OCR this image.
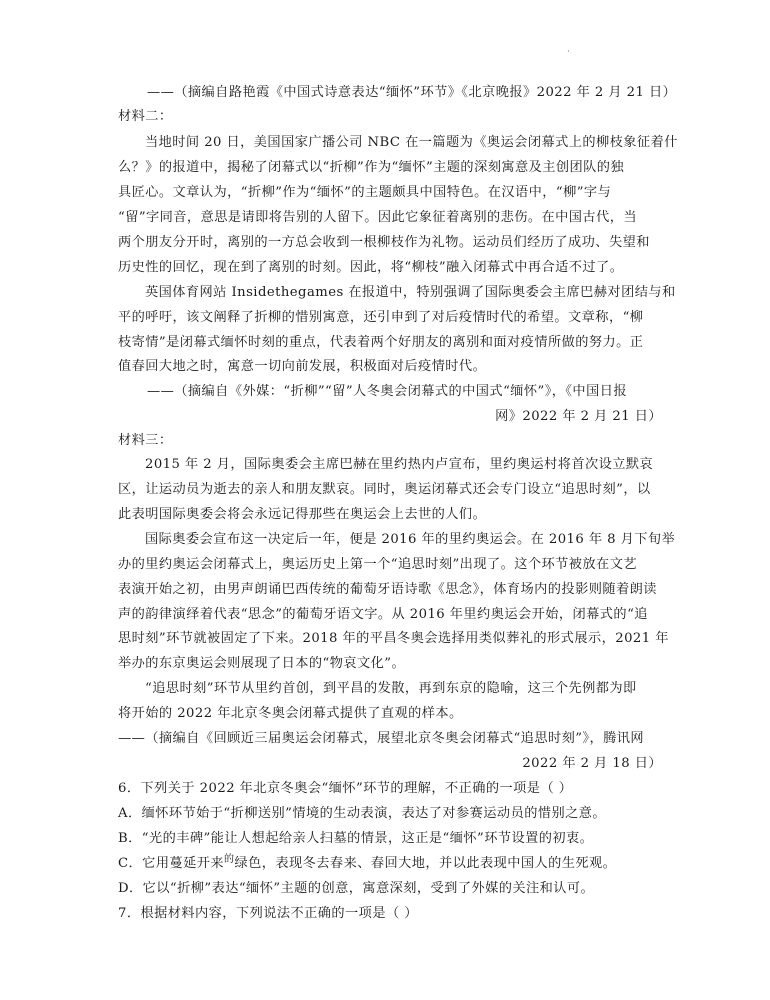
·
——（摘编自路艳霞《中国式诗意表达“缅怀”环节》《北京晚报》2022 年 2 月 21 日）
材料二：
当地时间 20 日，美国国家广播公司 NBC 在一篇题为《奥运会闭幕式上的柳枝象征着什
么？》的报道中，揭秘了闭幕式以“折柳”作为“缅怀”主题的深刻寓意及主创团队的独
具匠心。文章认为，“折柳”作为“缅怀”的主题颇具中国特色。在汉语中，“柳”字与
“留”字同音，意思是请即将告别的人留下。因此它象征着离别的悲伤。在中国古代，当
两个朋友分开时，离别的一方总会收到一根柳枝作为礼物。运动员们经历了成功、失望和
历史性的回忆，现在到了离别的时刻。因此，将“柳枝”融入闭幕式中再合适不过了。
英国体育网站 Insidethegames 在报道中，特别强调了国际奥委会主席巴赫对团结与和
平的呼吁，该文阐释了折柳的惜别寓意，还引申到了对后疫情时代的希望。文章称，“柳
枝寄情”是闭幕式缅怀时刻的重点，代表着两个好朋友的离别和面对疫情所做的努力。正
值春回大地之时，寓意一切向前发展，积极面对后疫情时代。
——（摘编自《外媒：“折柳”“留”人冬奥会闭幕式的中国式“缅怀”》，《中国日报
网》2022 年 2 月 21 日）
材料三：
2015 年 2 月，国际奥委会主席巴赫在里约热内卢宣布，里约奥运村将首次设立默哀
区，让运动员为逝去的亲人和朋友默哀。同时，奥运闭幕式还会专门设立“追思时刻”，以
此表明国际奥委会将会永远记得那些在奥运会上去世的人们。
国际奥委会宣布这一决定后一年，便是 2016 年的里约奥运会。在 2016 年 8 月下旬举
办的里约奥运会闭幕式上，奥运历史上第一个“追思时刻”出现了。这个环节被放在文艺
表演开始之初，由男声朗诵巴西传统的葡萄牙语诗歌《思念》，体育场内的投影则随着朗读
声的韵律演绎着代表“思念”的葡萄牙语文字。从 2016 年里约奥运会开始，闭幕式的“追
思时刻”环节就被固定了下来。2018 年的平昌冬奥会选择用类似葬礼的形式展示，2021 年
举办的东京奥运会则展现了日本的“物哀文化”。
“追思时刻”环节从里约首创，到平昌的发散，再到东京的隐喻，这三个先例都为即
将开始的 2022 年北京冬奥会闭幕式提供了直观的样本。
——（摘编自《回顾近三届奥运会闭幕式，展望北京冬奥会闭幕式“追思时刻”》，腾讯网
2022 年 2 月 18 日）
6．下列关于 2022 年北京冬奥会“缅怀”环节的理解，不正确的一项是（ ）
A．缅怀环节始于“折柳送别”情境的生动表演，表达了对参赛运动员的惜别之意。
B．“光的丰碑”能让人想起给亲人扫墓的情景，这正是“缅怀”环节设置的初衷。
C．它用蔓延开来$^的$绿色，表现冬去春来、春回大地，并以此表现中国人的生死观。
D．它以“折柳”表达“缅怀”主题的创意，寓意深刻，受到了外媒的关注和认可。
7．根据材料内容，下列说法不正确的一项是（ ）
